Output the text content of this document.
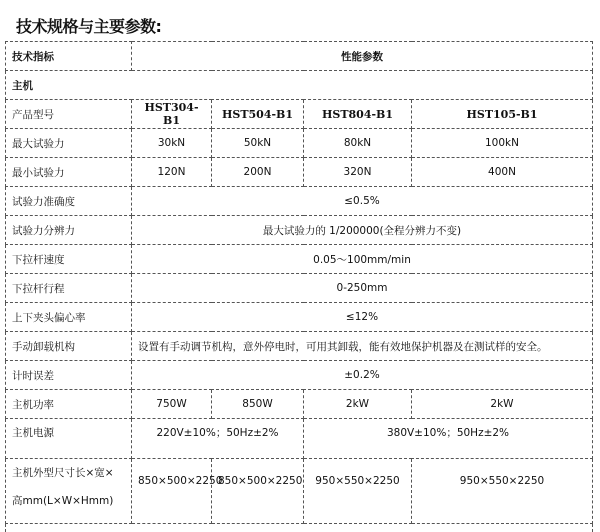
技术规格与主要参数:
技术指标	性能参数			
主机				
产品型号	HST304-B1	HST504-B1	HST804-B1	HST105-B1
最大试验力	30kN	50kN	80kN	100kN
最小试验力	120N	200N	320N	400N
试验力准确度	≤0.5%			
试验力分辨力	最大试验力的 1/200000(全程分辨力不变)			
下拉杆速度	0.05～100mm/min			
下拉杆行程	0-250mm			
上下夹头偏心率	≤12%			
手动卸载机构	设置有手动调节机构，意外停电时，可用其卸载，能有效地保护机器及在测试样的安全。			
计时误差	±0.2%			
主机功率	750W	850W	2kW	2kW
主机电源	220V±10%；50Hz±2%		380V±10%；50Hz±2%	

主机外型尺寸长×宽×
高mm(L×W×Hmm)	850×500×2250	850×500×2250	950×550×2250	950×550×2250
